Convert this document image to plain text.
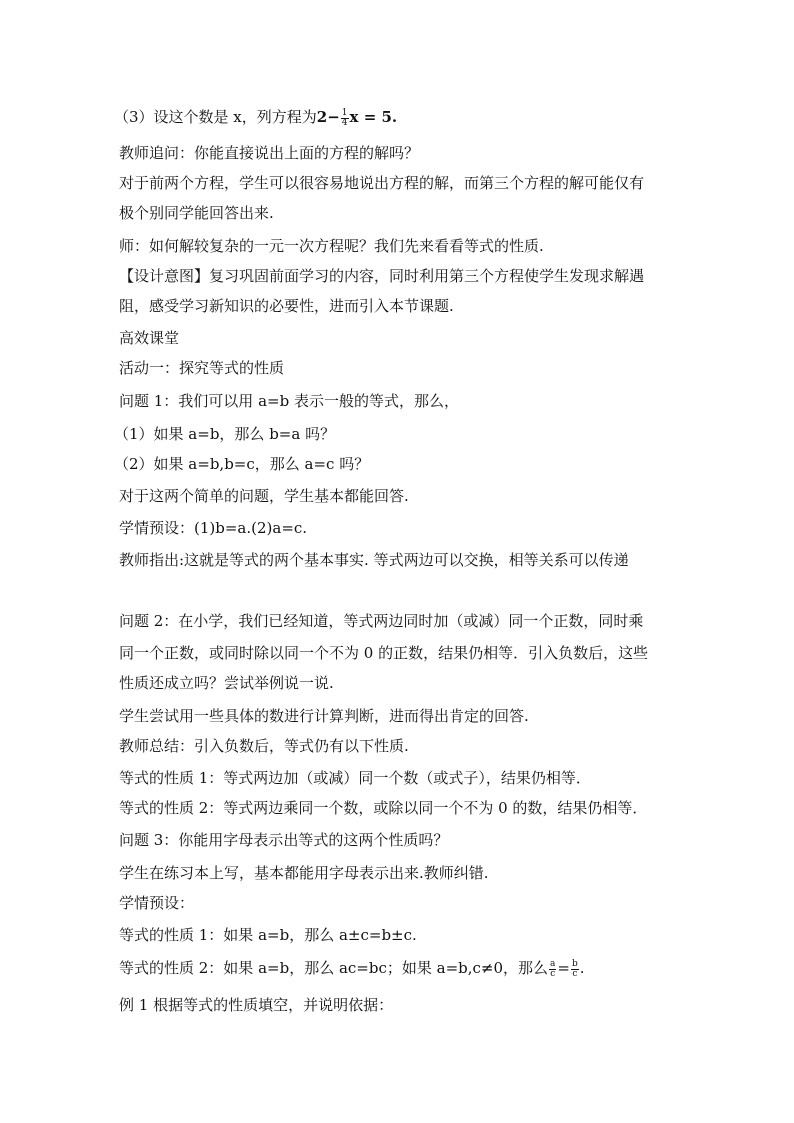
（3）设这个数是 x，列方程为$2- \frac{1}{4}$ x = 5.
教师追问：你能直接说出上面的方程的解吗？
对于前两个方程，学生可以很容易地说出方程的解，而第三个方程的解可能仅有
极个别同学能回答出来.
师：如何解较复杂的一元一次方程呢？我们先来看看等式的性质.
【设计意图】复习巩固前面学习的内容，同时利用第三个方程使学生发现求解遇
阻，感受学习新知识的必要性，进而引入本节课题.
高效课堂
活动一：探究等式的性质
问题 1：我们可以用 a=b 表示一般的等式，那么，
（1）如果 a=b，那么 b=a 吗？
（2）如果 a=b,b=c，那么 a=c 吗？
对于这两个简单的问题，学生基本都能回答.
学情预设：(1)b=a.(2)a=c.
教师指出:这就是等式的两个基本事实. 等式两边可以交换，相等关系可以传递
问题 2：在小学，我们已经知道，等式两边同时加（或减）同一个正数，同时乘
同一个正数，或同时除以同一个不为 0 的正数，结果仍相等．引入负数后，这些
性质还成立吗？尝试举例说一说.
学生尝试用一些具体的数进行计算判断，进而得出肯定的回答.
教师总结：引入负数后，等式仍有以下性质.
等式的性质 1：等式两边加（或减）同一个数（或式子），结果仍相等．
等式的性质 2：等式两边乘同一个数，或除以同一个不为 0 的数，结果仍相等．
问题 3：你能用字母表示出等式的这两个性质吗？
学生在练习本上写，基本都能用字母表示出来.教师纠错.
学情预设：
等式的性质 1：如果 a=b，那么 a±c=b±c.
等式的性质 2：如果 a=b，那么 ac=bc；如果 a=b,c≠0，那么 $\frac{a}{c} = \frac{b}{c}$ .
例 1 根据等式的性质填空，并说明依据：
